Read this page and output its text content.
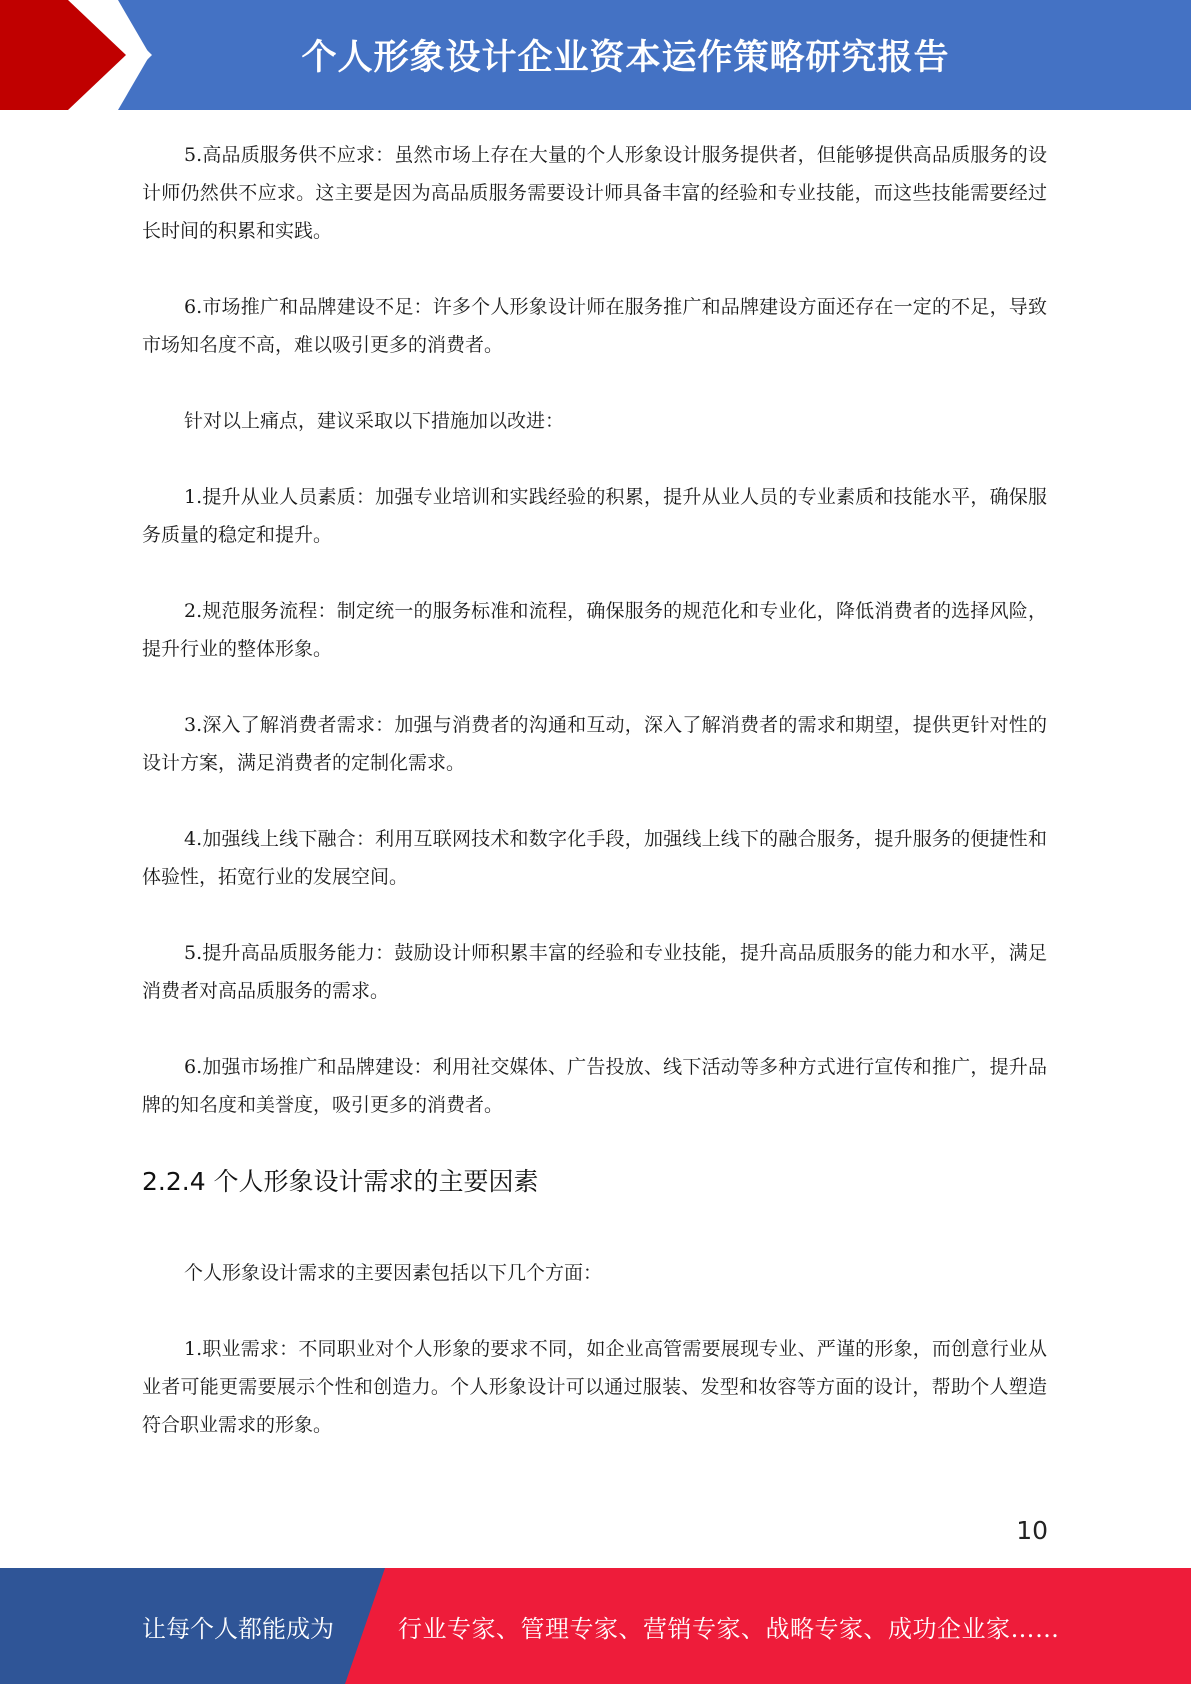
个人形象设计企业资本运作策略研究报告

5.高品质服务供不应求：虽然市场上存在大量的个人形象设计服务提供者，但能够提供高品质服务的设计师仍然供不应求。这主要是因为高品质服务需要设计师具备丰富的经验和专业技能，而这些技能需要经过长时间的积累和实践。

6.市场推广和品牌建设不足：许多个人形象设计师在服务推广和品牌建设方面还存在一定的不足，导致市场知名度不高，难以吸引更多的消费者。

针对以上痛点，建议采取以下措施加以改进：

1.提升从业人员素质：加强专业培训和实践经验的积累，提升从业人员的专业素质和技能水平，确保服务质量的稳定和提升。

2.规范服务流程：制定统一的服务标准和流程，确保服务的规范化和专业化，降低消费者的选择风险，提升行业的整体形象。

3.深入了解消费者需求：加强与消费者的沟通和互动，深入了解消费者的需求和期望，提供更针对性的设计方案，满足消费者的定制化需求。

4.加强线上线下融合：利用互联网技术和数字化手段，加强线上线下的融合服务，提升服务的便捷性和体验性，拓宽行业的发展空间。

5.提升高品质服务能力：鼓励设计师积累丰富的经验和专业技能，提升高品质服务的能力和水平，满足消费者对高品质服务的需求。

6.加强市场推广和品牌建设：利用社交媒体、广告投放、线下活动等多种方式进行宣传和推广，提升品牌的知名度和美誉度，吸引更多的消费者。

2.2.4 个人形象设计需求的主要因素

个人形象设计需求的主要因素包括以下几个方面：

1.职业需求：不同职业对个人形象的要求不同，如企业高管需要展现专业、严谨的形象，而创意行业从业者可能更需要展示个性和创造力。个人形象设计可以通过服装、发型和妆容等方面的设计，帮助个人塑造符合职业需求的形象。

10
让每个人都能成为	行业专家、管理专家、营销专家、战略专家、成功企业家……
